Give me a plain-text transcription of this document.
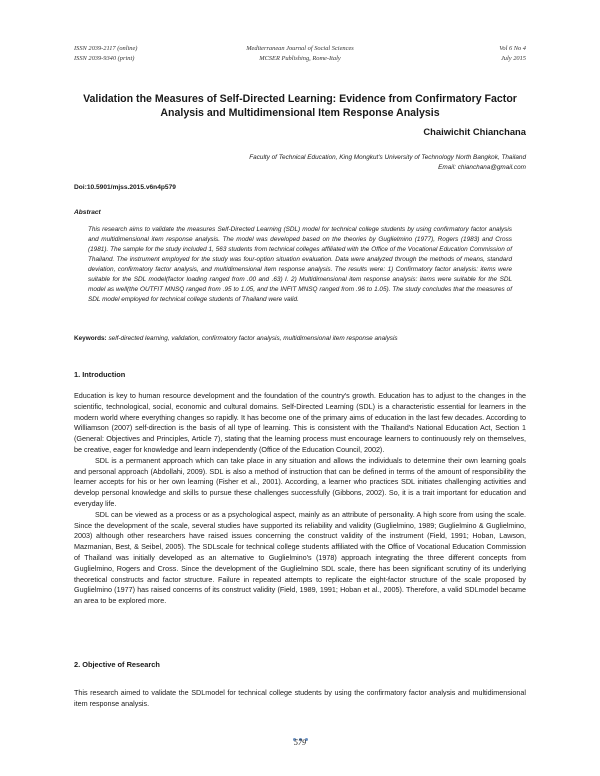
ISSN 2039-2117 (online)
ISSN 2039-9340 (print)
Mediterranean Journal of Social Sciences
MCSER Publishing, Rome-Italy
Vol 6 No 4
July 2015
Validation the Measures of Self-Directed Learning: Evidence from Confirmatory Factor Analysis and Multidimensional Item Response Analysis
Chaiwichit Chianchana
Faculty of Technical Education, King Mongkut's University of Technology North Bangkok, Thailand
Email: chianchana@gmail.com
Doi:10.5901/mjss.2015.v6n4p579
Abstract
This research aims to validate the measures Self-Directed Learning (SDL) model for technical college students by using confirmatory factor analysis and multidimensional item response analysis. The model was developed based on the theories by Guglielmino (1977), Rogers (1983) and Cross (1981). The sample for the study included 1, 563 students from technical colleges affiliated with the Office of the Vocational Education Commission of Thailand. The instrument employed for the study was four-option situation evaluation. Data were analyzed through the methods of means, standard deviation, confirmatory factor analysis, and multidimensional item response analysis. The results were: 1) Confirmatory factor analysis: items were suitable for the SDL model(factor loading ranged from .00 and .63) I. 2) Multidimensional item response analysis: items were suitable for the SDL model as well(the OUTFIT MNSQ ranged from .95 to 1.05, and the INFIT MNSQ ranged from .96 to 1.05). The study concludes that the measures of SDL model employed for technical college students of Thailand were valid.
Keywords: self-directed learning, validation, confirmatory factor analysis, multidimensional item response analysis
1. Introduction

Education is key to human resource development and the foundation of the country's growth. Education has to adjust to the changes in the scientific, technological, social, economic and cultural domains. Self-Directed Learning (SDL) is a characteristic essential for learners in the modern world where everything changes so rapidly. It has become one of the primary aims of education in the last few decades. According to Williamson (2007) self-direction is the basis of all type of learning. This is consistent with the Thailand's National Education Act, Section 1 (General: Objectives and Principles, Article 7), stating that the learning process must encourage learners to continuously rely on themselves, be creative, eager for knowledge and learn independently (Office of the Education Council, 2002).

SDL is a permanent approach which can take place in any situation and allows the individuals to determine their own learning goals and personal approach (Abdollahi, 2009). SDL is also a method of instruction that can be defined in terms of the amount of responsibility the learner accepts for his or her own learning (Fisher et al., 2001). According, a learner who practices SDL initiates challenging activities and develop personal knowledge and skills to pursue these challenges successfully (Gibbons, 2002). So, it is a trait important for education and everyday life.

SDL can be viewed as a process or as a psychological aspect, mainly as an attribute of personality. A high score from using the scale. Since the development of the scale, several studies have supported its reliability and validity (Guglielmino, 1989; Guglielmino & Guglielmino, 2003) although other researchers have raised issues concerning the construct validity of the instrument (Field, 1991; Hoban, Lawson, Mazmanian, Best, & Seibel, 2005). The SDLscale for technical college students affiliated with the Office of Vocational Education Commission of Thailand was initially developed as an alternative to Guglielmino's (1978) approach integrating the three different concepts from Guglielmino, Rogers and Cross. Since the development of the Guglielmino SDL scale, there has been significant scrutiny of its underlying theoretical constructs and factor structure. Failure in repeated attempts to replicate the eight-factor structure of the scale proposed by Guglielmino (1977) has raised concerns of its construct validity (Field, 1989, 1991; Hoban et al., 2005). Therefore, a valid SDLmodel became an area to be explored more.

2. Objective of Research

This research aimed to validate the SDLmodel for technical college students by using the confirmatory factor analysis and multidimensional item response analysis.

579
